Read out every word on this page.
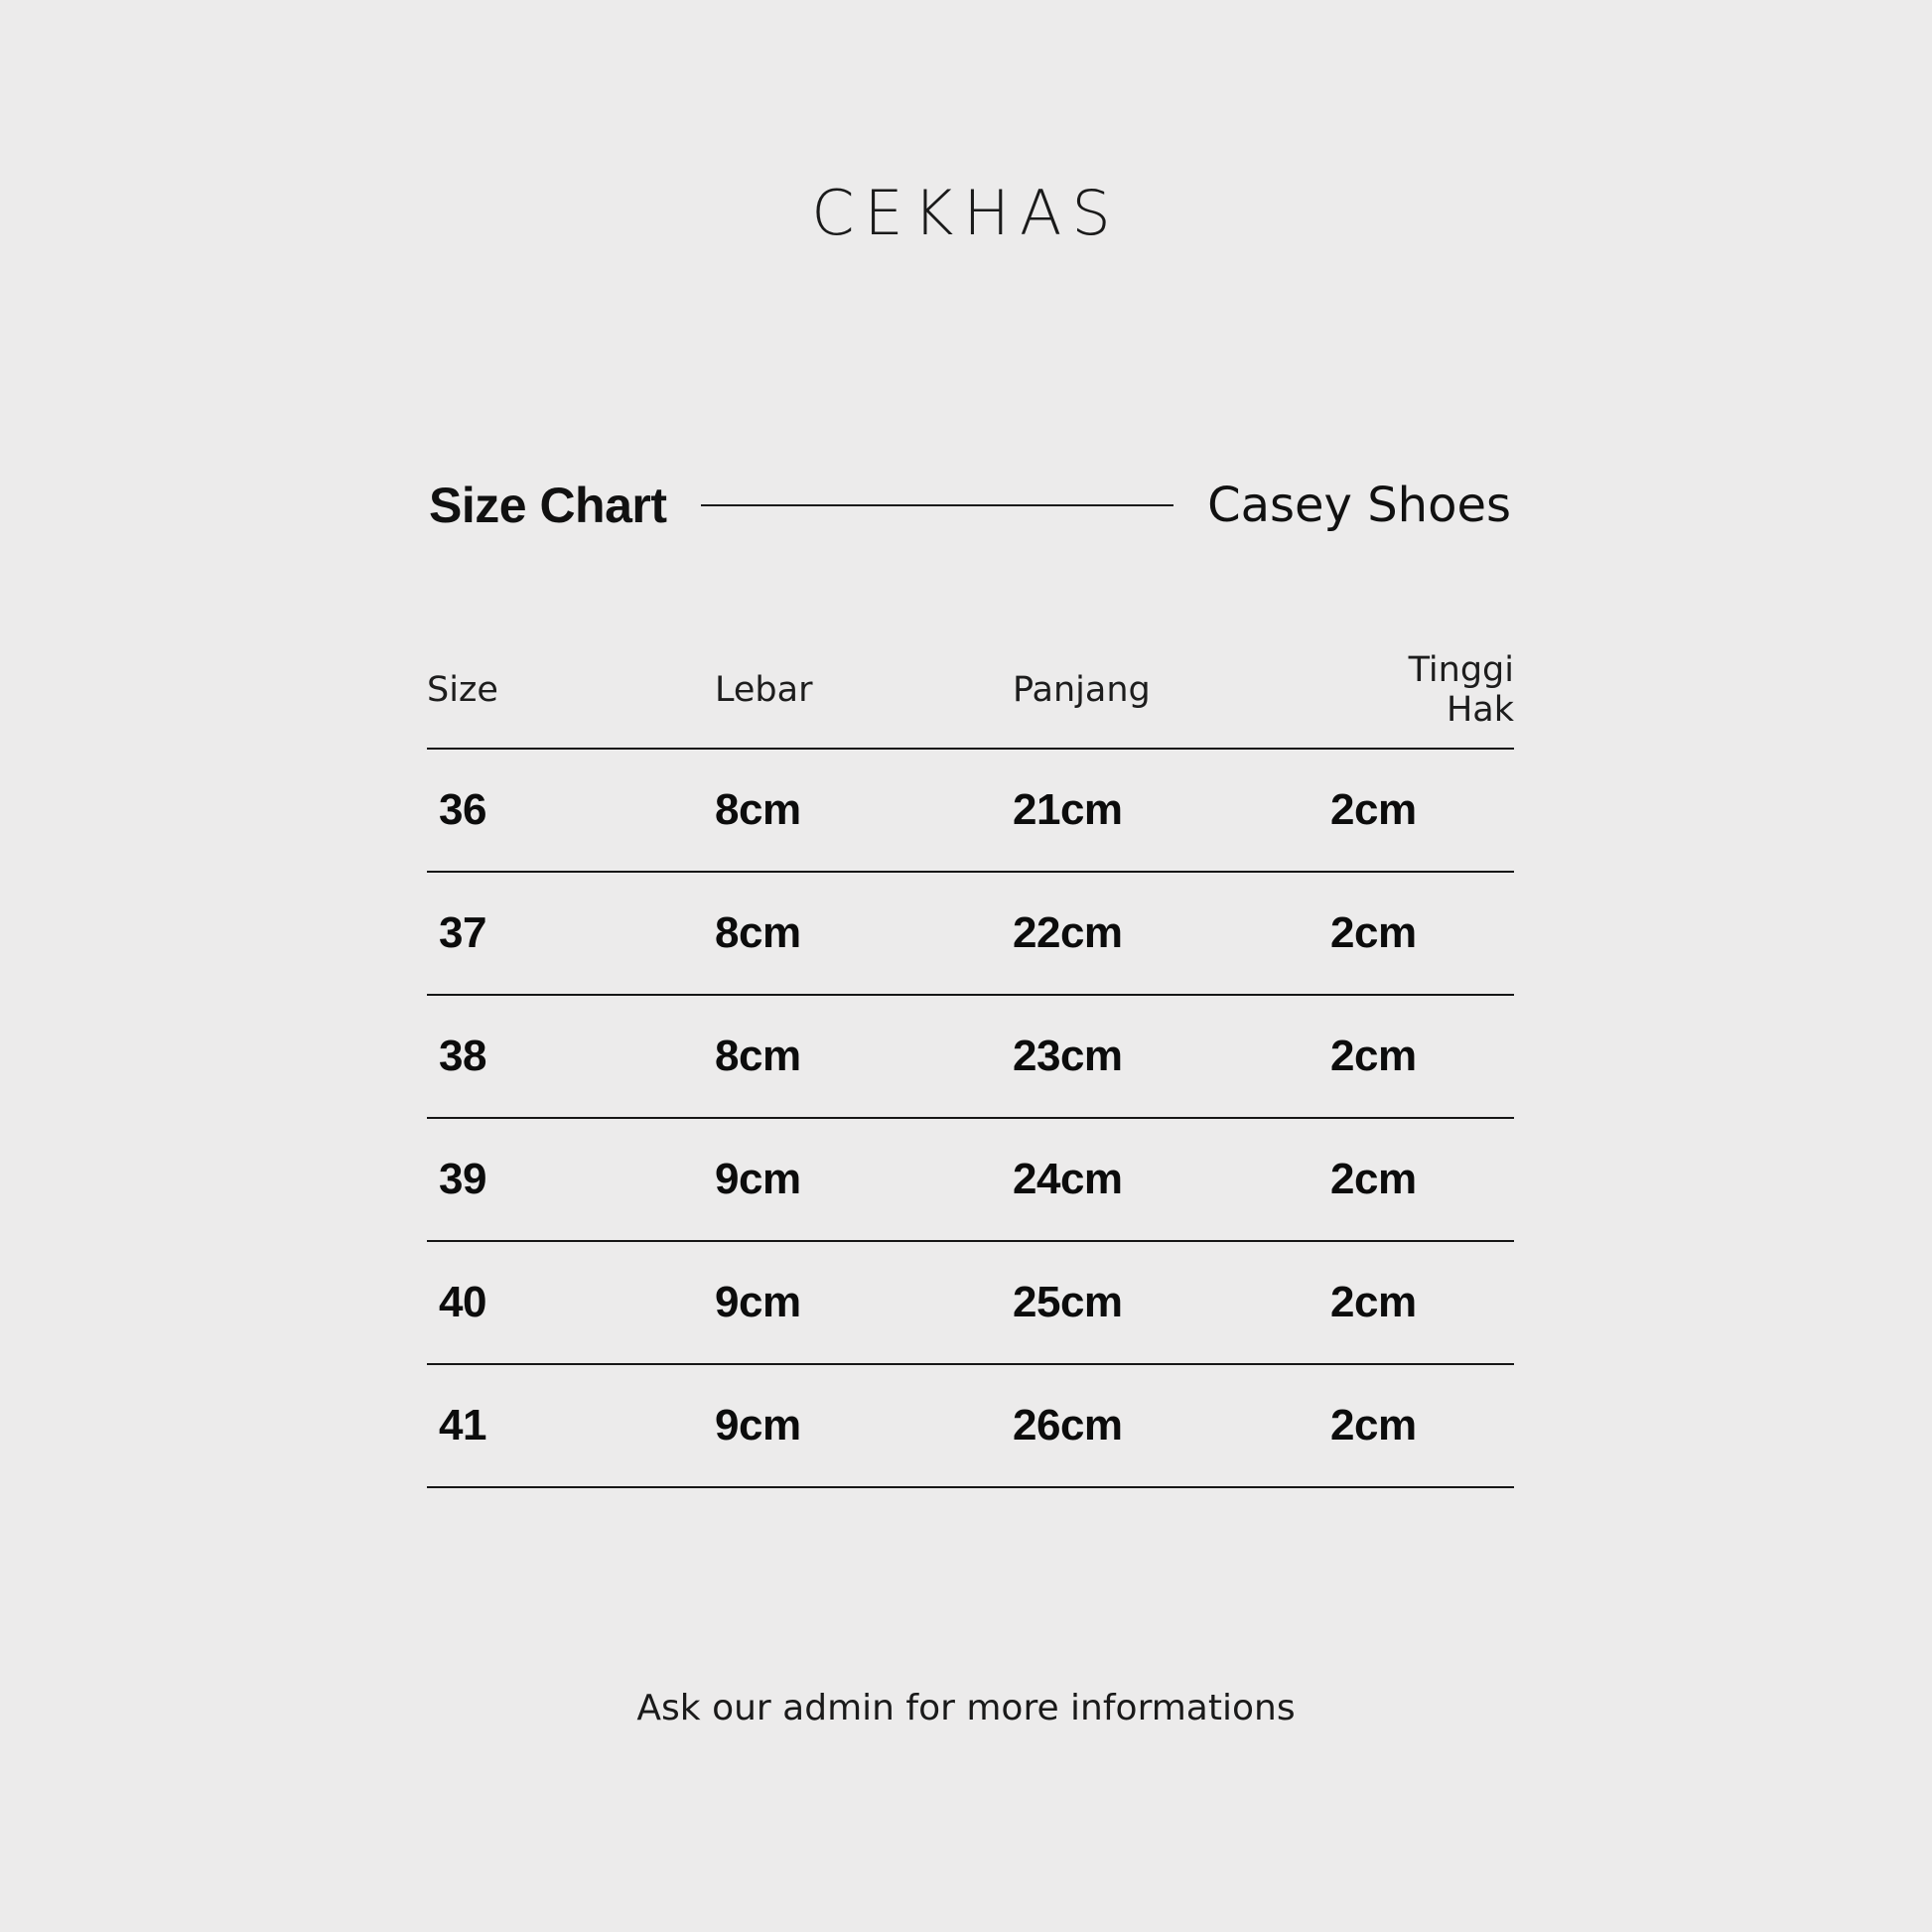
CEKHAS
Size Chart	Casey Shoes
Size	Lebar	Panjang	Tinggi Hak
36	8cm	21cm	2cm
37	8cm	22cm	2cm
38	8cm	23cm	2cm
39	9cm	24cm	2cm
40	9cm	25cm	2cm
41	9cm	26cm	2cm
Ask our admin for more informations
